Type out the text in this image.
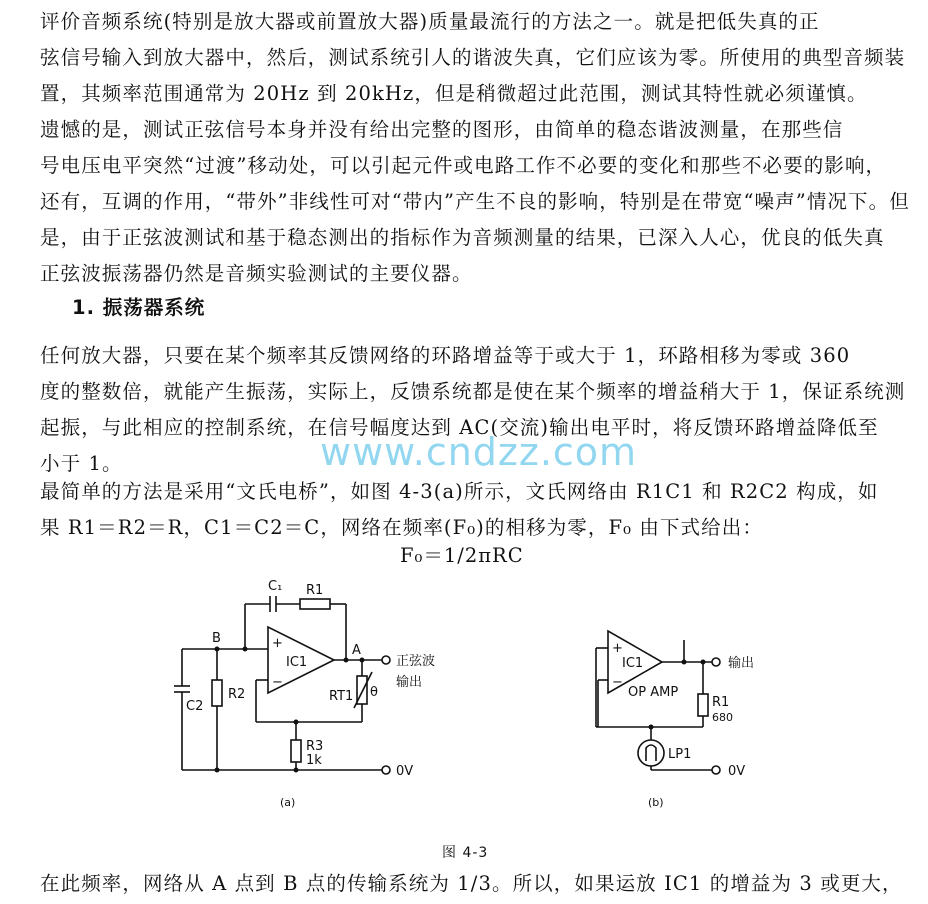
评价音频系统(特别是放大器或前置放大器)质量最流行的方法之一。就是把低失真的正
弦信号输入到放大器中，然后，测试系统引人的谐波失真，它们应该为零。所使用的典型音频装
置，其频率范围通常为 20Hz 到 20kHz，但是稍微超过此范围，测试其特性就必须谨慎。
遗憾的是，测试正弦信号本身并没有给出完整的图形，由简单的稳态谐波测量，在那些信
号电压电平突然“过渡”移动处，可以引起元件或电路工作不必要的变化和那些不必要的影响，
还有，互调的作用，“带外”非线性可对“带内”产生不良的影响，特别是在带宽“噪声”情况下。但
是，由于正弦波测试和基于稳态测出的指标作为音频测量的结果，已深入人心，优良的低失真
正弦波振荡器仍然是音频实验测试的主要仪器。
1. 振荡器系统
任何放大器，只要在某个频率其反馈网络的环路增益等于或大于 1，环路相移为零或 360
度的整数倍，就能产生振荡，实际上，反馈系统都是使在某个频率的增益稍大于 1，保证系统测
起振，与此相应的控制系统，在信号幅度达到 AC(交流)输出电平时，将反馈环路增益降低至
小于 1。	www.cndzz.com
最简单的方法是采用“文氏电桥”，如图 4-3(a)所示，文氏网络由 R1C1 和 R2C2 构成，如
果 R1＝R2＝R，C1＝C2＝C，网络在频率(F₀)的相移为零，F₀ 由下式给出：
F₀＝1/2πRC
C₁ R1
B
A
IC1
+
−
正弦波
输出
RT1 θ
C2
R2
R3
1k
0V
(a)
IC1
+
−
OP AMP
输出
R1
680
LP1
0V
(b)
图 4-3
在此频率，网络从 A 点到 B 点的传输系统为 1/3。所以，如果运放 IC1 的增益为 3 或更大，
